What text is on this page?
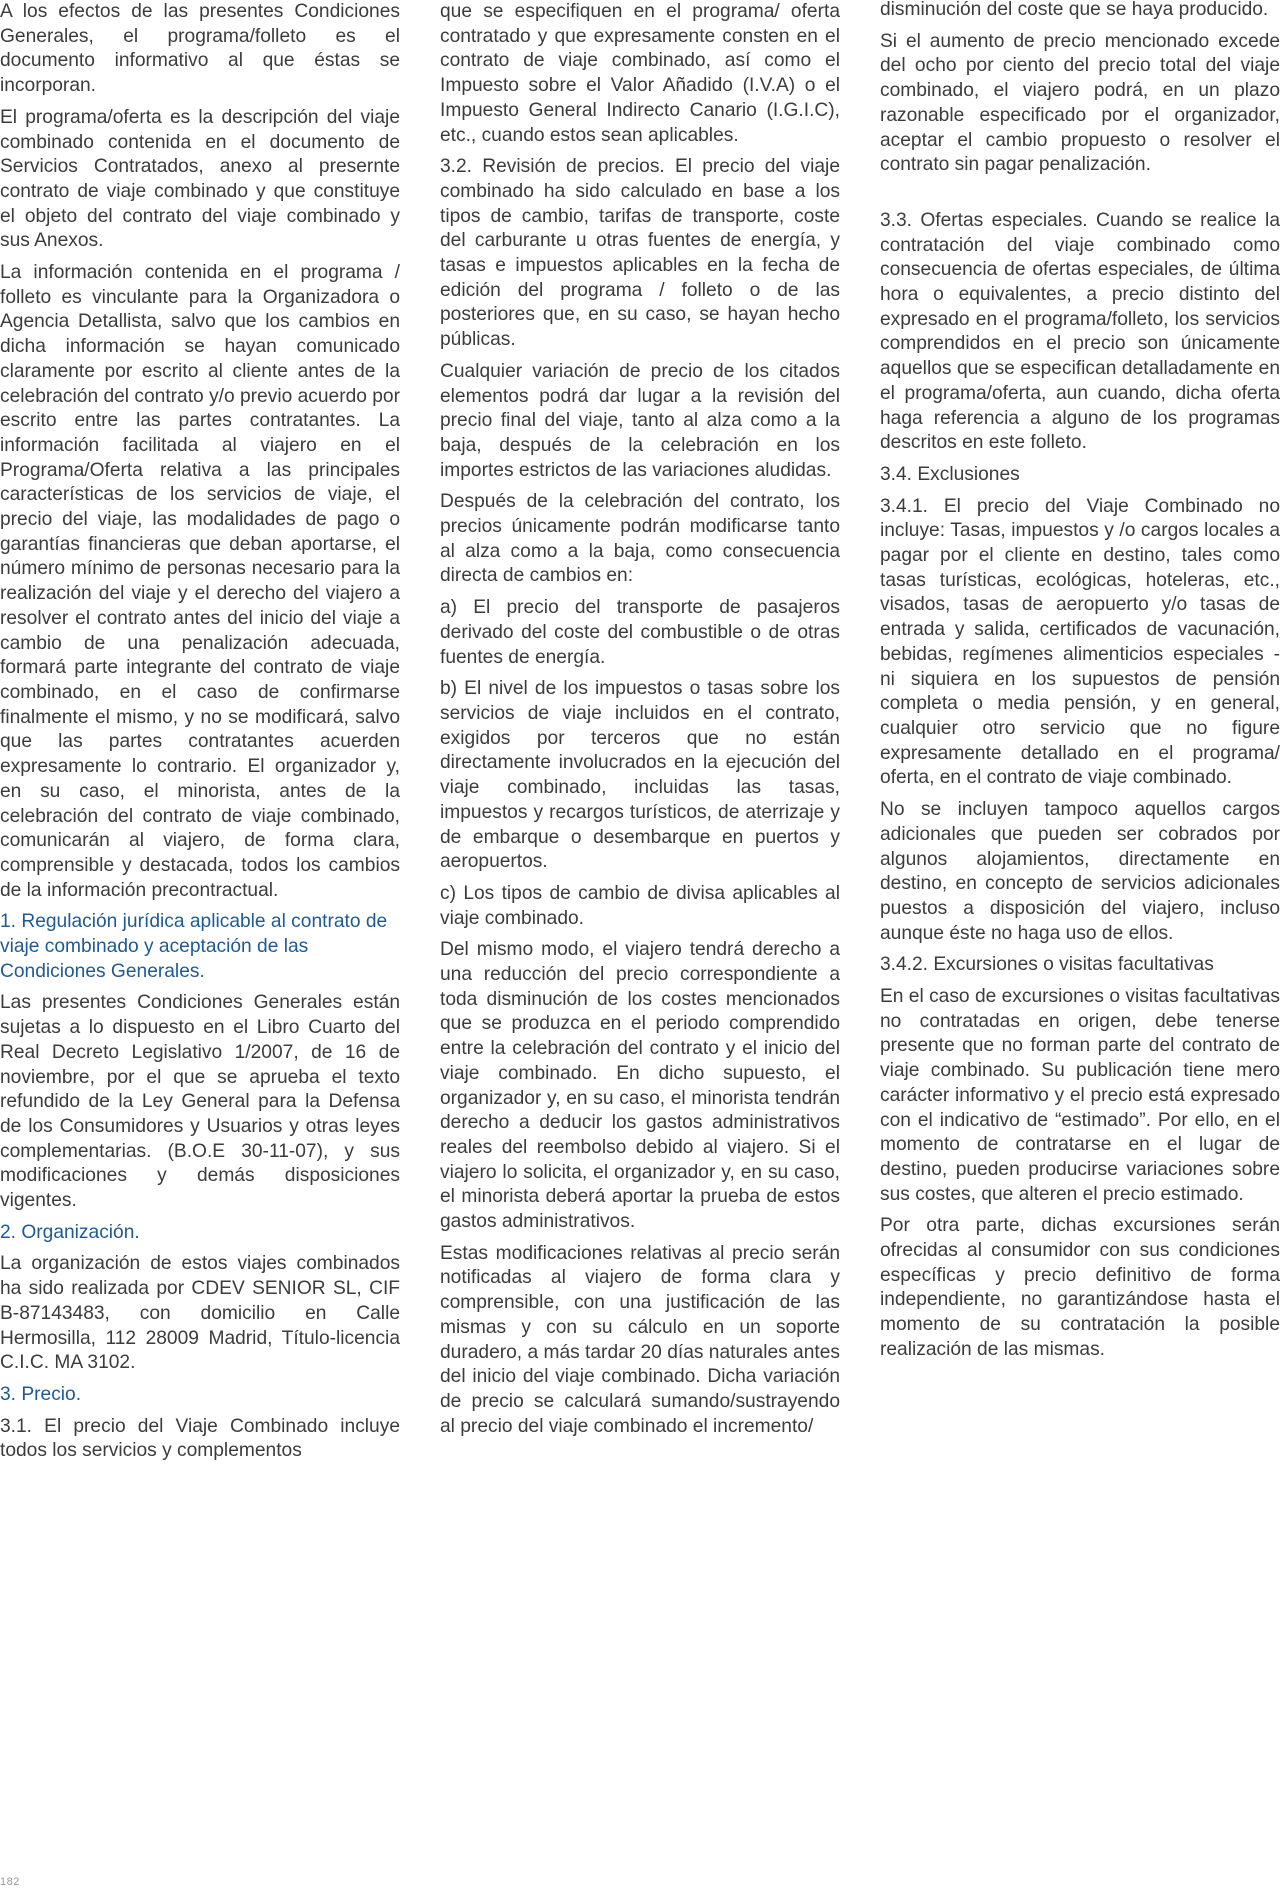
A los efectos de las presentes Condiciones Generales, el programa/folleto es el documento informativo al que éstas se incorporan.

El programa/oferta es la descripción del viaje combinado contenida en el documento de Servicios Contratados, anexo al presernte contrato de viaje combinado y que constituye el objeto del contrato del viaje combinado y sus Anexos.

La información contenida en el programa / folleto es vinculante para la Organizadora o Agencia Detallista, salvo que los cambios en dicha información se hayan comunicado claramente por escrito al cliente antes de la celebración del contrato y/o previo acuerdo por escrito entre las partes contratantes. La información facilitada al viajero en el Programa/Oferta relativa a las principales características de los servicios de viaje, el precio del viaje, las modalidades de pago o garantías financieras que deban aportarse, el número mínimo de personas necesario para la realización del viaje y el derecho del viajero a resolver el contrato antes del inicio del viaje a cambio de una penalización adecuada, formará parte integrante del contrato de viaje combinado, en el caso de confirmarse finalmente el mismo, y no se modificará, salvo que las partes contratantes acuerden expresamente lo contrario. El organizador y, en su caso, el minorista, antes de la celebración del contrato de viaje combinado, comunicarán al viajero, de forma clara, comprensible y destacada, todos los cambios de la información precontractual.

1. Regulación jurídica aplicable al contrato de viaje combinado y aceptación de las Condiciones Generales.

Las presentes Condiciones Generales están sujetas a lo dispuesto en el Libro Cuarto del Real Decreto Legislativo 1/2007, de 16 de noviembre, por el que se aprueba el texto refundido de la Ley General para la Defensa de los Consumidores y Usuarios y otras leyes complementarias. (B.O.E 30-11-07), y sus modificaciones y demás disposiciones vigentes.

2. Organización.

La organización de estos viajes combinados ha sido realizada por CDEV SENIOR SL, CIF B-87143483, con domicilio en Calle Hermosilla, 112 28009 Madrid, Título-licencia C.I.C. MA 3102.

3. Precio.

3.1. El precio del Viaje Combinado incluye todos los servicios y complementos

que se especifiquen en el programa/ oferta contratado y que expresamente consten en el contrato de viaje combinado, así como el Impuesto sobre el Valor Añadido (I.V.A) o el Impuesto General Indirecto Canario (I.G.I.C), etc., cuando estos sean aplicables.

3.2. Revisión de precios. El precio del viaje combinado ha sido calculado en base a los tipos de cambio, tarifas de transporte, coste del carburante u otras fuentes de energía, y tasas e impuestos aplicables en la fecha de edición del programa / folleto o de las posteriores que, en su caso, se hayan hecho públicas.

Cualquier variación de precio de los citados elementos podrá dar lugar a la revisión del precio final del viaje, tanto al alza como a la baja, después de la celebración en los importes estrictos de las variaciones aludidas.

Después de la celebración del contrato, los precios únicamente podrán modificarse tanto al alza como a la baja, como consecuencia directa de cambios en:

a) El precio del transporte de pasajeros derivado del coste del combustible o de otras fuentes de energía.

b) El nivel de los impuestos o tasas sobre los servicios de viaje incluidos en el contrato, exigidos por terceros que no están directamente involucrados en la ejecución del viaje combinado, incluidas las tasas, impuestos y recargos turísticos, de aterrizaje y de embarque o desembarque en puertos y aeropuertos.

c) Los tipos de cambio de divisa aplicables al viaje combinado.

Del mismo modo, el viajero tendrá derecho a una reducción del precio correspondiente a toda disminución de los costes mencionados que se produzca en el periodo comprendido entre la celebración del contrato y el inicio del viaje combinado. En dicho supuesto, el organizador y, en su caso, el minorista tendrán derecho a deducir los gastos administrativos reales del reembolso debido al viajero. Si el viajero lo solicita, el organizador y, en su caso, el minorista deberá aportar la prueba de estos gastos administrativos.

Estas modificaciones relativas al precio serán notificadas al viajero de forma clara y comprensible, con una justificación de las mismas y con su cálculo en un soporte duradero, a más tardar 20 días naturales antes del inicio del viaje combinado. Dicha variación de precio se calculará sumando/sustrayendo al precio del viaje combinado el incremento/

disminución del coste que se haya producido.

Si el aumento de precio mencionado excede del ocho por ciento del precio total del viaje combinado, el viajero podrá, en un plazo razonable especificado por el organizador, aceptar el cambio propuesto o resolver el contrato sin pagar penalización.

3.3. Ofertas especiales. Cuando se realice la contratación del viaje combinado como consecuencia de ofertas especiales, de última hora o equivalentes, a precio distinto del expresado en el programa/folleto, los servicios comprendidos en el precio son únicamente aquellos que se especifican detalladamente en el programa/oferta, aun cuando, dicha oferta haga referencia a alguno de los programas descritos en este folleto.

3.4. Exclusiones

3.4.1. El precio del Viaje Combinado no incluye: Tasas, impuestos y /o cargos locales a pagar por el cliente en destino, tales como tasas turísticas, ecológicas, hoteleras, etc., visados, tasas de aeropuerto y/o tasas de entrada y salida, certificados de vacunación, bebidas, regímenes alimenticios especiales - ni siquiera en los supuestos de pensión completa o media pensión, y en general, cualquier otro servicio que no figure expresamente detallado en el programa/ oferta, en el contrato de viaje combinado.

No se incluyen tampoco aquellos cargos adicionales que pueden ser cobrados por algunos alojamientos, directamente en destino, en concepto de servicios adicionales puestos a disposición del viajero, incluso aunque éste no haga uso de ellos.

3.4.2. Excursiones o visitas facultativas

En el caso de excursiones o visitas facultativas no contratadas en origen, debe tenerse presente que no forman parte del contrato de viaje combinado. Su publicación tiene mero carácter informativo y el precio está expresado con el indicativo de “estimado”. Por ello, en el momento de contratarse en el lugar de destino, pueden producirse variaciones sobre sus costes, que alteren el precio estimado.

Por otra parte, dichas excursiones serán ofrecidas al consumidor con sus condiciones específicas y precio definitivo de forma independiente, no garantizándose hasta el momento de su contratación la posible realización de las mismas.

182
